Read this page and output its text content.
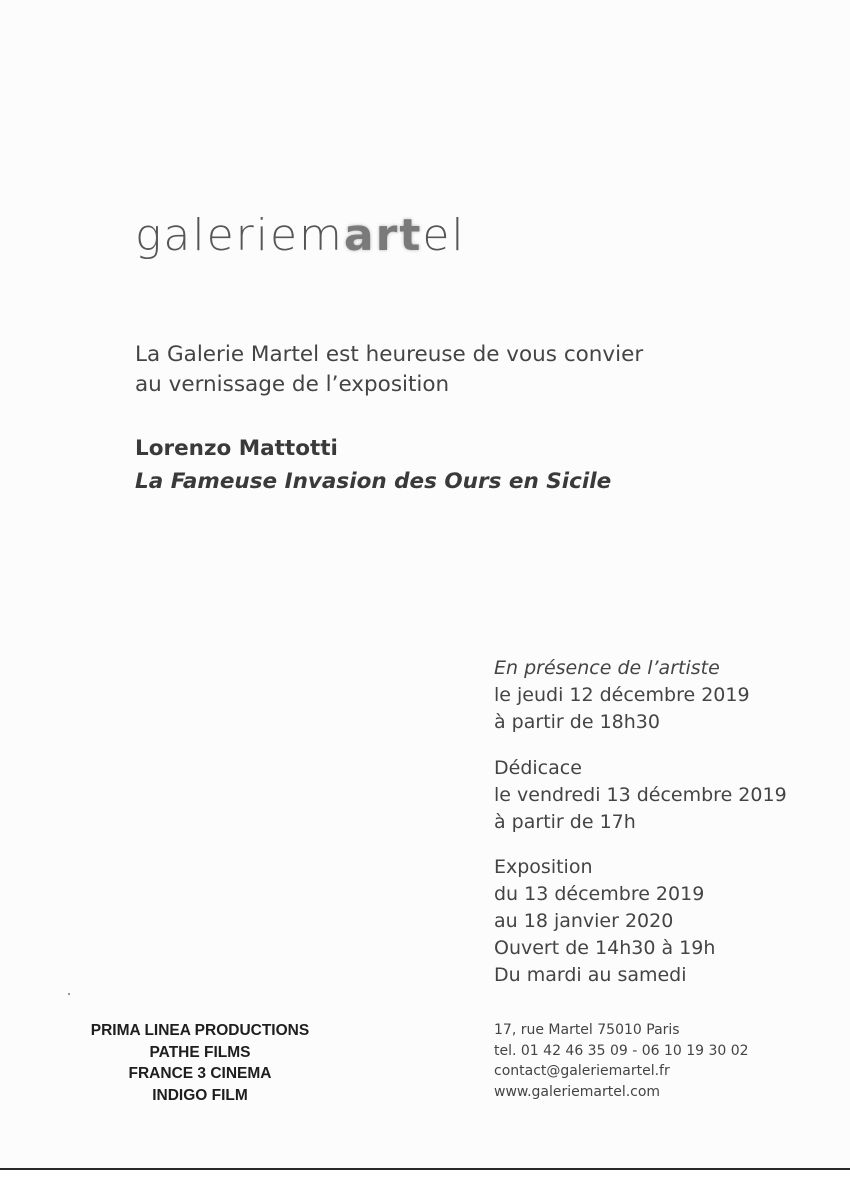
galeriemartel
La Galerie Martel est heureuse de vous convier
au vernissage de l’exposition
Lorenzo Mattotti
La Fameuse Invasion des Ours en Sicile
En présence de l’artiste
le jeudi 12 décembre 2019
à partir de 18h30
Dédicace
le vendredi 13 décembre 2019
à partir de 17h
Exposition
du 13 décembre 2019
au 18 janvier 2020
Ouvert de 14h30 à 19h
Du mardi au samedi
PRIMA LINEA PRODUCTIONS
PATHE FILMS
FRANCE 3 CINEMA
INDIGO FILM
17, rue Martel 75010 Paris
tel. 01 42 46 35 09 - 06 10 19 30 02
contact@galeriemartel.fr
www.galeriemartel.com
